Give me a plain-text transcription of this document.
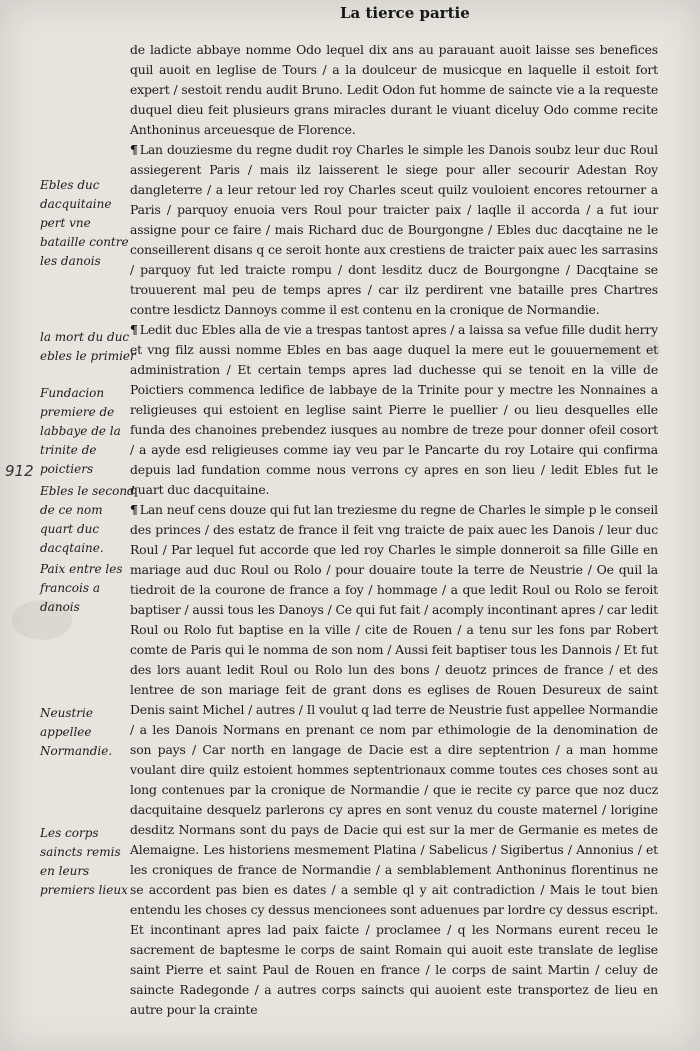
La tierce partie

de ladicte abbaye nomme Odo lequel dix ans au parauant auoit laisse ses benefices quil auoit en leglise de Tours / a la doulceur de musicque en laquelle il estoit fort expert / sestoit rendu audit Bruno. Ledit Odon fut homme de saincte vie a la requeste duquel dieu feit plusieurs grans miracles durant le viuant diceluy Odo comme recite Anthoninus arceuesque de Florence.

¶ Lan douziesme du regne dudit roy Charles le simple les Danois soubz leur duc Roul assiegerent Paris / mais ilz laisserent le siege pour aller secourir Adestan Roy dangleterre / a leur retour led roy Charles sceut quilz vouloient encores retourner a Paris / parquoy enuoia vers Roul pour traicter paix / laqlle il accorda / a fut iour assigne pour ce faire / mais Richard duc de Bourgongne / Ebles duc dacqtaine ne le conseillerent disans q ce seroit honte aux crestiens de traicter paix auec les sarrasins / parquoy fut led traicte rompu / dont lesditz ducz de Bourgongne / Dacqtaine se trouuerent mal peu de temps apres / car ilz perdirent vne bataille pres Chartres contre lesdictz Dannoys comme il est contenu en la cronique de Normandie.

¶ Ledit duc Ebles alla de vie a trespas tantost apres / a laissa sa vefue fille dudit herry et vng filz aussi nomme Ebles en bas aage duquel la mere eut le gouuernement et administration / Et certain temps apres lad duchesse qui se tenoit en la ville de Poictiers commenca ledifice de labbaye de la Trinite pour y mectre les Nonnaines a religieuses qui estoient en leglise saint Pierre le puellier / ou lieu desquelles elle funda des chanoines prebendez iusques au nombre de treze pour donner ofeil cosort / a ayde esd religieuses comme iay veu par le Pancarte du roy Lotaire qui confirma depuis lad fundation comme nous verrons cy apres en son lieu / ledit Ebles fut le quart duc dacquitaine.

¶ Lan neuf cens douze qui fut lan treziesme du regne de Charles le simple p le conseil des princes / des estatz de france il feit vng traicte de paix auec les Danois / leur duc Roul / Par lequel fut accorde que led roy Charles le simple donneroit sa fille Gille en mariage aud duc Roul ou Rolo / pour douaire toute la terre de Neustrie / Oe quil la tiedroit de la courone de france a foy / hommage / a que ledit Roul ou Rolo se feroit baptiser / aussi tous les Danoys / Ce qui fut fait / acomply incontinant apres / car ledit Roul ou Rolo fut baptise en la ville / cite de Rouen / a tenu sur les fons par Robert comte de Paris qui le nomma de son nom / Aussi feit baptiser tous les Dannois / Et fut des lors auant ledit Roul ou Rolo lun des bons / deuotz princes de france / et des lentree de son mariage feit de grant dons es eglises de Rouen Desureux de saint Denis saint Michel / autres / Il voulut q lad terre de Neustrie fust appellee Normandie / a les Danois Normans en prenant ce nom par ethimologie de la denomination de son pays / Car north en langage de Dacie est a dire septentrion / a man homme voulant dire quilz estoient hommes septentrionaux comme toutes ces choses sont au long contenues par la cronique de Normandie / que ie recite cy parce que noz ducz dacquitaine desquelz parlerons cy apres en sont venuz du couste maternel / lorigine desditz Normans sont du pays de Dacie qui est sur la mer de Germanie es metes de Alemaigne. Les historiens mesmement Platina / Sabelicus / Sigibertus / Annonius / et les croniques de france de Normandie / a semblablement Anthoninus florentinus ne se accordent pas bien es dates / a semble ql y ait contradiction / Mais le tout bien entendu les choses cy dessus mencionees sont aduenues par lordre cy dessus escript. Et incontinant apres lad paix faicte / proclamee / q les Normans eurent receu le sacrement de baptesme le corps de saint Romain qui auoit este translate de leglise saint Pierre et saint Paul de Rouen en france / le corps de saint Martin / celuy de saincte Radegonde / a autres corps saincts qui auoient este transportez de lieu en autre pour la crainte

Ebles duc dacquitaine pert vne bataille contre les danois
la mort du duc ebles le primier
Fundacion premiere de labbaye de la trinite de poictiers
Ebles le second de ce nom quart duc dacqtaine.
Paix entre les francois a danois
Neustrie appellee Normandie.
Les corps saincts remis en leurs premiers lieux
912
